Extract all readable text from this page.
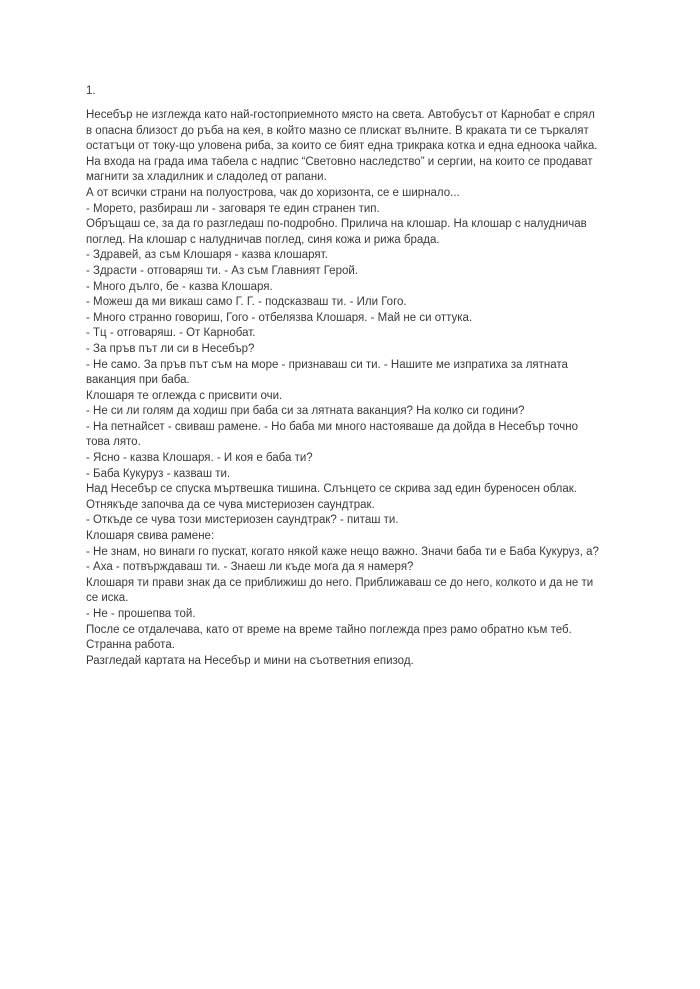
1.
Несебър не изглежда като най-гостоприемното място на света. Автобусът от Карнобат е спрял
в опасна близост до ръба на кея, в който мазно се плискат вълните. В краката ти се търкалят
остатъци от току-що уловена риба, за които се бият една трикрака котка и една едноока чайка.
На входа на града има табела с надпис “Световно наследство” и сергии, на които се продават
магнити за хладилник и сладолед от рапани.
А от всички страни на полуострова, чак до хоризонта, се е ширнало...
- Морето, разбираш ли - заговаря те един странен тип.
Обръщаш се, за да го разгледаш по-подробно. Прилича на клошар. На клошар с налудничав
поглед. На клошар с налудничав поглед, синя кожа и рижа брада.
- Здравей, аз съм Клошаря - казва клошарят.
- Здрасти - отговаряш ти. - Аз съм Главният Герой.
- Много дълго, бе - казва Клошаря.
- Можеш да ми викаш само Г. Г. - подсказваш ти. - Или Гого.
- Много странно говориш, Гого - отбелязва Клошаря. - Май не си оттука.
- Тц - отговаряш. - От Карнобат.
- За пръв път ли си в Несебър?
- Не само. За пръв път съм на море - признаваш си ти. - Нашите ме изпратиха за лятната
ваканция при баба.
Клошаря те оглежда с присвити очи.
- Не си ли голям да ходиш при баба си за лятната ваканция? На колко си години?
- На петнайсет - свиваш рамене. - Но баба ми много настояваше да дойда в Несебър точно
това лято.
- Ясно - казва Клошаря. - И коя е баба ти?
- Баба Кукуруз - казваш ти.
Над Несебър се спуска мъртвешка тишина. Слънцето се скрива зад един буреносен облак.
Отнякъде започва да се чува мистериозен саундтрак.
- Откъде се чува този мистериозен саундтрак? - питаш ти.
Клошаря свива рамене:
- Не знам, но винаги го пускат, когато някой каже нещо важно. Значи баба ти е Баба Кукуруз, а?
- Аха - потвърждаваш ти. - Знаеш ли къде мога да я намеря?
Клошаря ти прави знак да се приближиш до него. Приближаваш се до него, колкото и да не ти
се иска.
- Не - прошепва той.
После се отдалечава, като от време на време тайно поглежда през рамо обратно към теб.
Странна работа.
Разгледай картата на Несебър и мини на съответния епизод.
